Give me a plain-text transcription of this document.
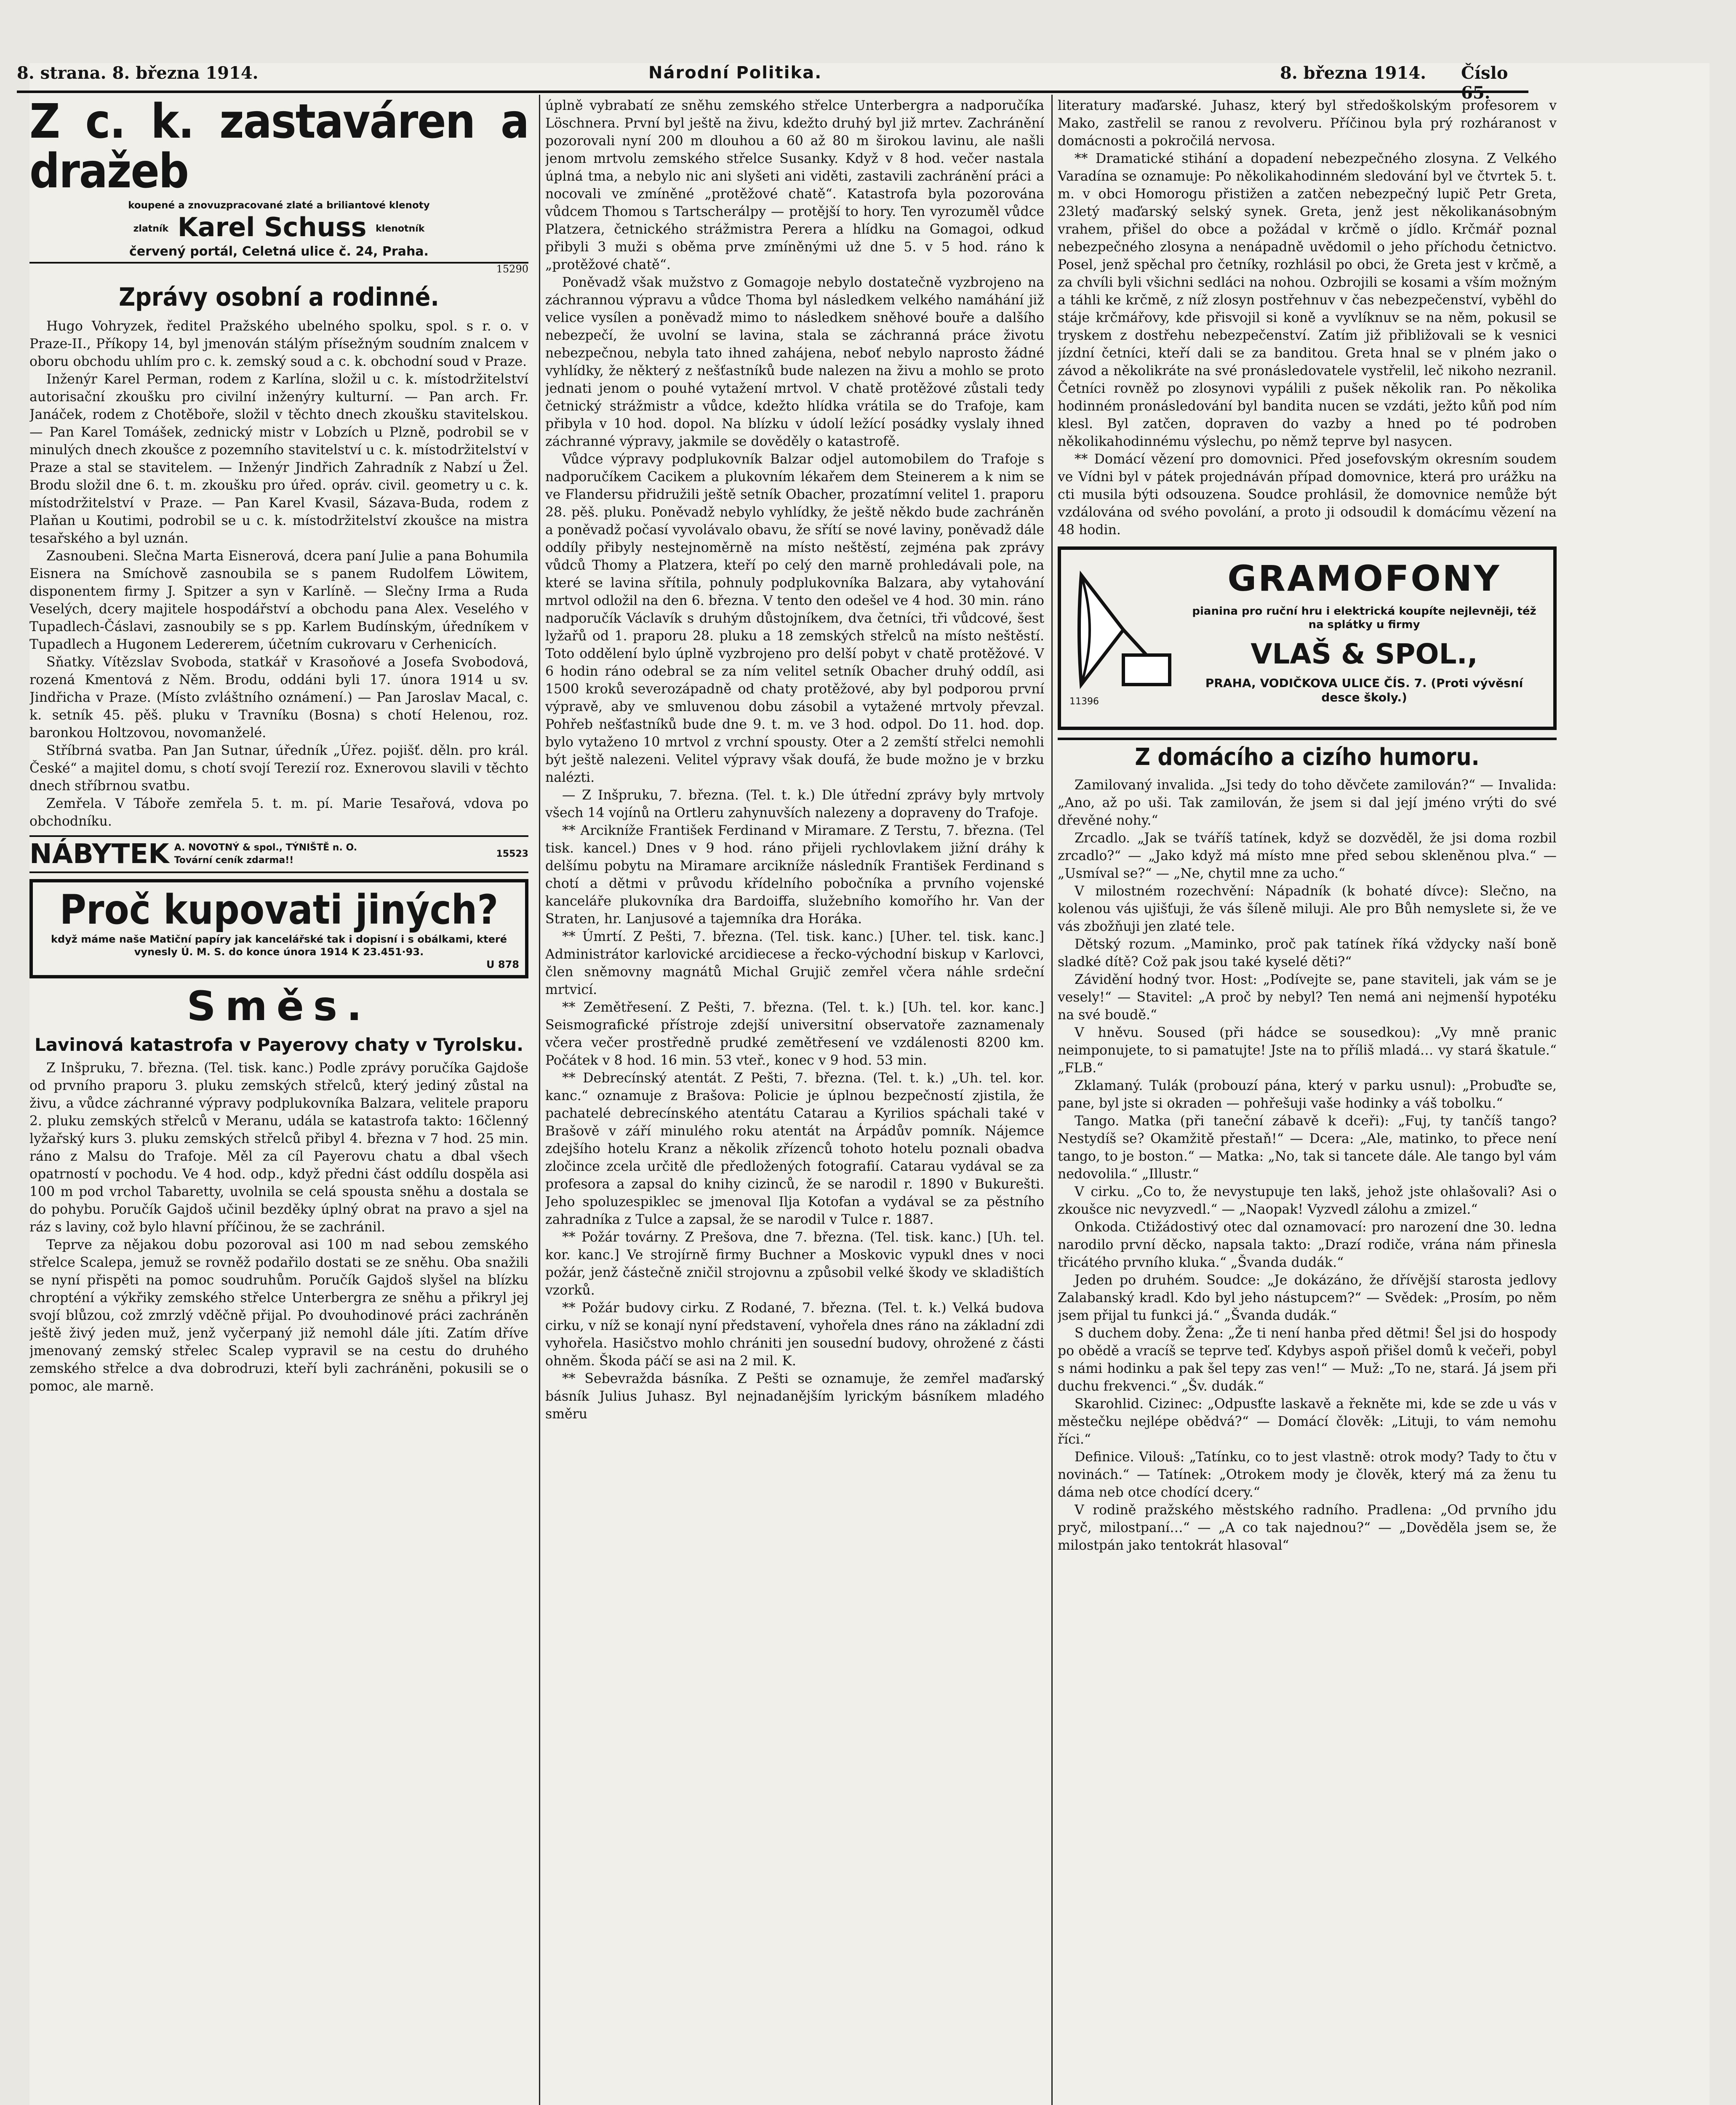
8. strana. 8. března 1914.	Národní Politika.	8. března 1914. Číslo
Z c. k. zastaváren a dražeb
koupené a znovuzpracované zlaté a briliantové klenoty
zlatník Karel Schuss klenotník
červený portál, Celetná ulice č. 24, Praha.
15290
Zprávy osobní a rodinné.

Hugo Vohryzek, ředitel Pražského ubelného spolku, spol. s r. o. v Praze-II., Příkopy 14, byl jmenován stálým přísežným soudním znalcem v oboru obchodu uhlím pro c. k. zemský soud a c. k. obchodní soud v Praze.

Inženýr Karel Perman, rodem z Karlína, složil u c. k. místodržitelství autorisační zkoušku pro civilní inženýry kulturní. — Pan arch. Fr. Janáček, rodem z Chotěboře, složil v těchto dnech zkoušku stavitelskou. — Pan Karel Tomášek, zednický mistr v Lobzích u Plzně, podrobil se v minulých dnech zkoušce z pozemního stavitelství u c. k. místodržitelství v Praze a stal se stavitelem. — Inženýr Jindřich Zahradník z Nabzí u Žel. Brodu složil dne 6. t. m. zkoušku pro úřed. opráv. civil. geometry u c. k. místodržitelství v Praze. — Pan Karel Kvasil, Sázava-Buda, rodem z Plaňan u Koutimi, podrobil se u c. k. místodržitelství zkoušce na mistra tesařského a byl uznán.

Zasnoubeni. Slečna Marta Eisnerová, dcera paní Julie a pana Bohumila Eisnera na Smíchově zasnoubila se s panem Rudolfem Löwitem, disponentem firmy J. Spitzer a syn v Karlíně. — Slečny Irma a Ruda Veselých, dcery majitele hospodářství a obchodu pana Alex. Veselého v Tupadlech-Čáslavi, zasnoubily se s pp. Karlem Budínským, úředníkem v Tupadlech a Hugonem Ledererem, účetním cukrovaru v Cerhenicích.

Sňatky. Vítězslav Svoboda, statkář v Krasoňové a Josefa Svobodová, rozená Kmentová z Něm. Brodu, oddáni byli 17. února 1914 u sv. Jindřicha v Praze. (Místo zvláštního oznámení.) — Pan Jaroslav Macal, c. k. setník 45. pěš. pluku v Travníku (Bosna) s chotí Helenou, roz. baronkou Holtzovou, novomanželé.

Stříbrná svatba. Pan Jan Sutnar, úředník „Úřez. pojišť. děln. pro král. České“ a majitel domu, s chotí svojí Terezií roz. Exnerovou slavili v těchto dnech stříbrnou svatbu.

Zemřela. V Táboře zemřela 5. t. m. pí. Marie Tesařová, vdova po obchodníku.

NÁBYTEK A. NOVOTNÝ & spol., TÝNIŠTĚ n. O.
Tovární ceník zdarma!!
15523
Proč kupovati jiných?
když máme naše Matiční papíry jak kancelářské tak i dopisní i s obálkami, které vynesly Ú. M. S. do konce února 1914 K 23.451·93.
U 878
Směs.
Lavinová katastrofa v Payerovy chaty v Tyrolsku.

Z Inšpruku, 7. března. (Tel. tisk. kanc.) Podle zprávy poručíka Gajdoše od prvního praporu 3. pluku zemských střelců, který jediný zůstal na živu, a vůdce záchranné výpravy podplukovníka Balzara, velitele praporu 2. pluku zemských střelců v Meranu, udála se katastrofa takto: 16členný lyžařský kurs 3. pluku zemských střelců přibyl 4. března v 7 hod. 25 min. ráno z Malsu do Trafoje. Měl za cíl Payerovu chatu a dbal všech opatrností v pochodu. Ve 4 hod. odp., když předni část oddílu dospěla asi 100 m pod vrchol Tabaretty, uvolnila se celá spousta sněhu a dostala se do pohybu. Poručík Gajdoš učinil bezděky úplný obrat na pravo a sjel na ráz s laviny, což bylo hlavní příčinou, že se zachránil.

Teprve za nějakou dobu pozoroval asi 100 m nad sebou zemského střelce Scalepa, jemuž se rovněž podařilo dostati se ze sněhu. Oba snažili se nyní přispěti na pomoc soudruhům. Poručík Gajdoš slyšel na blízku chropténí a výkřiky zemského střelce Unterbergra ze sněhu a přikryl jej svojí blůzou, což zmrzlý vděčně přijal. Po dvouhodinové práci zachráněn ještě živý jeden muž, jenž vyčerpaný již nemohl dále jíti. Zatím dříve jmenovaný zemský střelec Scalep vypravil se na cestu do druhého zemského střelce a dva dobrodruzi, kteří byli zachráněni, pokusili se o pomoc, ale marně.

úplně vybrabatí ze sněhu zemského střelce Unterbergra a nadporučíka Löschnera. První byl ještě na živu, kdežto druhý byl již mrtev. Zachránění pozorovali nyní 200 m dlouhou a 60 až 80 m širokou lavinu, ale našli jenom mrtvolu zemského střelce Susanky. Když v 8 hod. večer nastala úplná tma, a nebylo nic ani slyšeti ani viděti, zastavili zachránění práci a nocovali ve zmíněné „protěžové chatě“. Katastrofa byla pozorována vůdcem Thomou s Tartscherálpy — protější to hory. Ten vyrozuměl vůdce Platzera, četnického strážmistra Perera a hlídku na Gomagoi, odkud přibyli 3 muži s oběma prve zmíněnými už dne 5. v 5 hod. ráno k „protěžové chatě“.

Poněvadž však mužstvo z Gomagoje nebylo dostatečně vyzbrojeno na záchrannou výpravu a vůdce Thoma byl následkem velkého namáhání již velice vysílen a poněvadž mimo to následkem sněhové bouře a dalšího nebezpečí, že uvolní se lavina, stala se záchranná práce životu nebezpečnou, nebyla tato ihned zahájena, neboť nebylo naprosto žádné vyhlídky, že některý z nešťastníků bude nalezen na živu a mohlo se proto jednati jenom o pouhé vytažení mrtvol. V chatě protěžové zůstali tedy četnický strážmistr a vůdce, kdežto hlídka vrátila se do Trafoje, kam přibyla v 10 hod. dopol. Na blízku v údolí ležící posádky vyslaly ihned záchranné výpravy, jakmile se dověděly o katastrofě.

Vůdce výpravy podplukovník Balzar odjel automobilem do Trafoje s nadporučíkem Cacikem a plukovním lékařem dem Steinerem a k nim se ve Flandersu přidružili ještě setník Obacher, prozatímní velitel 1. praporu 28. pěš. pluku. Poněvadž nebylo vyhlídky, že ještě někdo bude zachráněn a poněvadž počasí vyvolávalo obavu, že sřítí se nové laviny, poněvadž dále oddíly přibyly nestejnoměrně na místo neštěstí, zejména pak zprávy vůdců Thomy a Platzera, kteří po celý den marně prohledávali pole, na které se lavina sřítila, pohnuly podplukovníka Balzara, aby vytahování mrtvol odložil na den 6. března. V tento den odešel ve 4 hod. 30 min. ráno nadporučík Václavík s druhým důstojníkem, dva četníci, tři vůdcové, šest lyžařů od 1. praporu 28. pluku a 18 zemských střelců na místo neštěstí. Toto oddělení bylo úplně vyzbrojeno pro delší pobyt v chatě protěžové. V 6 hodin ráno odebral se za ním velitel setník Obacher druhý oddíl, asi 1500 kroků severozápadně od chaty protěžové, aby byl podporou první výpravě, aby ve smluvenou dobu zásobil a vytažené mrtvoly převzal. Pohřeb nešťastníků bude dne 9. t. m. ve 3 hod. odpol. Do 11. hod. dop. bylo vytaženo 10 mrtvol z vrchní spousty. Oter a 2 zemští střelci nemohli být ještě nalezeni. Velitel výpravy však doufá, že bude možno je v brzku nalézti.

— Z Inšpruku, 7. března. (Tel. t. k.) Dle útřední zprávy byly mrtvoly všech 14 vojínů na Ortleru zahynuvších nalezeny a dopraveny do Trafoje.

** Arcikníže František Ferdinand v Miramare. Z Terstu, 7. března. (Tel tisk. kancel.) Dnes v 9 hod. ráno přijeli rychlovlakem jižní dráhy k delšímu pobytu na Miramare arcikníže následník František Ferdinand s chotí a dětmi v průvodu křídelního pobočníka a prvního vojenské kanceláře plukovníka dra Bardoiffa, služebního komořího hr. Van der Straten, hr. Lanjusové a tajemníka dra Horáka.

** Úmrtí. Z Pešti, 7. března. (Tel. tisk. kanc.) [Uher. tel. tisk. kanc.] Administrátor karlovické arcidiecese a řecko-východní biskup v Karlovci, člen sněmovny magnátů Michal Grujič zemřel včera náhle srdeční mrtvicí.

** Zemětřesení. Z Pešti, 7. března. (Tel. t. k.) [Uh. tel. kor. kanc.] Seismografické přístroje zdejší universitní observatoře zaznamenaly včera večer prostředně prudké zemětřesení ve vzdálenosti 8200 km. Počátek v 8 hod. 16 min. 53 vteř., konec v 9 hod. 53 min.

** Debrecínský atentát. Z Pešti, 7. března. (Tel. t. k.) „Uh. tel. kor. kanc.“ oznamuje z Brašova: Policie je úplnou bezpečností zjistila, že pachatelé debrecínského atentátu Catarau a Kyrilios spáchali také v Brašově v září minulého roku atentát na Árpádův pomník. Nájemce zdejšího hotelu Kranz a několik zřízenců tohoto hotelu poznali obadva zločince zcela určitě dle předložených fotografií. Catarau vydával se za profesora a zapsal do knihy cizinců, že se narodil r. 1890 v Bukurešti. Jeho spoluzespiklec se jmenoval Ilja Kotofan a vydával se za pěstního zahradníka z Tulce a zapsal, že se narodil v Tulce r. 1887.

** Požár továrny. Z Prešova, dne 7. března. (Tel. tisk. kanc.) [Uh. tel. kor. kanc.] Ve strojírně firmy Buchner a Moskovic vypukl dnes v noci požár, jenž částečně zničil strojovnu a způsobil velké škody ve skladištích vzorků.

** Požár budovy cirku. Z Rodané, 7. března. (Tel. t. k.) Velká budova cirku, v níž se konají nyní představení, vyhořela dnes ráno na základní zdi vyhořela. Hasičstvo mohlo chrániti jen sousední budovy, ohrožené z části ohněm. Škoda páčí se asi na 2 mil. K.

** Sebevražda básníka. Z Pešti se oznamuje, že zemřel maďarský básník Julius Juhasz. Byl nejnadanějším lyrickým básníkem mladého směru

literatury maďarské. Juhasz, který byl středoškolským profesorem v Mako, zastřelil se ranou z revolveru. Příčinou byla prý rozháranost v domácnosti a pokročilá nervosa.

** Dramatické stihání a dopadení nebezpečného zlosyna. Z Velkého Varadína se oznamuje: Po několikahodinném sledování byl ve čtvrtek 5. t. m. v obci Homorogu přistižen a zatčen nebezpečný lupič Petr Greta, 23letý maďarský selský synek. Greta, jenž jest několikanásobným vrahem, přišel do obce a požádal v krčmě o jídlo. Krčmář poznal nebezpečného zlosyna a nenápadně uvědomil o jeho příchodu četnictvo. Posel, jenž spěchal pro četníky, rozhlásil po obci, že Greta jest v krčmě, a za chvíli byli všichni sedláci na nohou. Ozbrojili se kosami a vším možným a táhli ke krčmě, z níž zlosyn postřehnuv v čas nebezpečenství, vyběhl do stáje krčmářovy, kde přisvojil si koně a vyvlíknuv se na něm, pokusil se tryskem z dostřehu nebezpečenství. Zatím již přibližovali se k vesnici jízdní četníci, kteří dali se za banditou. Greta hnal se v plném jako o závod a několikráte na své pronásledovatele vystřelil, leč nikoho nezranil. Četníci rovněž po zlosynovi vypálili z pušek několik ran. Po několika hodinném pronásledování byl bandita nucen se vzdáti, ježto kůň pod ním klesl. Byl zatčen, dopraven do vazby a hned po té podroben několikahodinnému výslechu, po němž teprve byl nasycen.

** Domácí vězení pro domovnici. Před josefovským okresním soudem ve Vídni byl v pátek projednáván případ domovnice, která pro urážku na cti musila býti odsouzena. Soudce prohlásil, že domovnice nemůže být vzdálována od svého povolání, a proto ji odsoudil k domácímu vězení na 48 hodin.

GRAMOFONY
pianina pro ruční hru i elektrická koupíte nejlevněji, též na splátky u firmy
VLAŠ & SPOL.,
PRAHA, VODIČKOVA ULICE ČÍS. 7. (Proti vývěsní desce školy.)
11396
Z domácího a cizího humoru.

Zamilovaný invalida. „Jsi tedy do toho děvčete zamilován?“ — Invalida: „Ano, až po uši. Tak zamilován, že jsem si dal její jméno vrýti do své dřevěné nohy.“

Zrcadlo. „Jak se tváříš tatínek, když se dozvěděl, že jsi doma rozbil zrcadlo?“ — „Jako když má místo mne před sebou skleněnou plva.“ — „Usmíval se?“ — „Ne, chytil mne za ucho.“

V milostném rozechvění: Nápadník (k bohaté dívce): Slečno, na kolenou vás ujišťuji, že vás šíleně miluji. Ale pro Bůh nemyslete si, že ve vás zbožňuji jen zlaté tele.

Dětský rozum. „Maminko, proč pak tatínek říká vždycky naší boně sladké dítě? Což pak jsou také kyselé děti?“

Závidění hodný tvor. Host: „Podívejte se, pane staviteli, jak vám se je vesely!“ — Stavitel: „A proč by nebyl? Ten nemá ani nejmenší hypotéku na své boudě.“

V hněvu. Soused (při hádce se sousedkou): „Vy mně pranic neimponujete, to si pamatujte! Jste na to příliš mladá… vy stará škatule.“ „FLB.“

Zklamaný. Tulák (probouzí pána, který v parku usnul): „Probuďte se, pane, byl jste si okraden — pohřešuji vaše hodinky a váš tobolku.“

Tango. Matka (při taneční zábavě k dceři): „Fuj, ty tančíš tango? Nestydíš se? Okamžitě přestaň!“ — Dcera: „Ale, matinko, to přece není tango, to je boston.“ — Matka: „No, tak si tancete dále. Ale tango byl vám nedovolila.“ „Illustr.“

V cirku. „Co to, že nevystupuje ten lakš, jehož jste ohlašovali? Asi o zkoušce nic nevyzvedl.“ — „Naopak! Vyzvedl zálohu a zmizel.“

Onkoda. Ctižádostivý otec dal oznamovací: pro narození dne 30. ledna narodilo první děcko, napsala takto: „Drazí rodiče, vrána nám přinesla třicátého prvního kluka.“ „Švanda dudák.“

Jeden po druhém. Soudce: „Je dokázáno, že dřívější starosta jedlovy Zalabanský kradl. Kdo byl jeho nástupcem?“ — Svědek: „Prosím, po něm jsem přijal tu funkci já.“ „Švanda dudák.“

S duchem doby. Žena: „Že ti není hanba před dětmi! Šel jsi do hospody po obědě a vracíš se teprve teď. Kdybys aspoň přišel domů k večeři, pobyl s námi hodinku a pak šel tepy zas ven!“ — Muž: „To ne, stará. Já jsem při duchu frekvenci.“ „Šv. dudák.“

Skarohlid. Cizinec: „Odpusťte laskavě a řekněte mi, kde se zde u vás v městečku nejlépe obědvá?“ — Domácí člověk: „Lituji, to vám nemohu říci.“

Definice. Vilouš: „Tatínku, co to jest vlastně: otrok mody? Tady to čtu v novinách.“ — Tatínek: „Otrokem mody je člověk, který má za ženu tu dáma neb otce chodící dcery.“

V rodině pražského městského radního. Pradlena: „Od prvního jdu pryč, milostpaní…“ — „A co tak najednou?“ — „Dověděla jsem se, že milostpán jako tentokrát hlasoval“
